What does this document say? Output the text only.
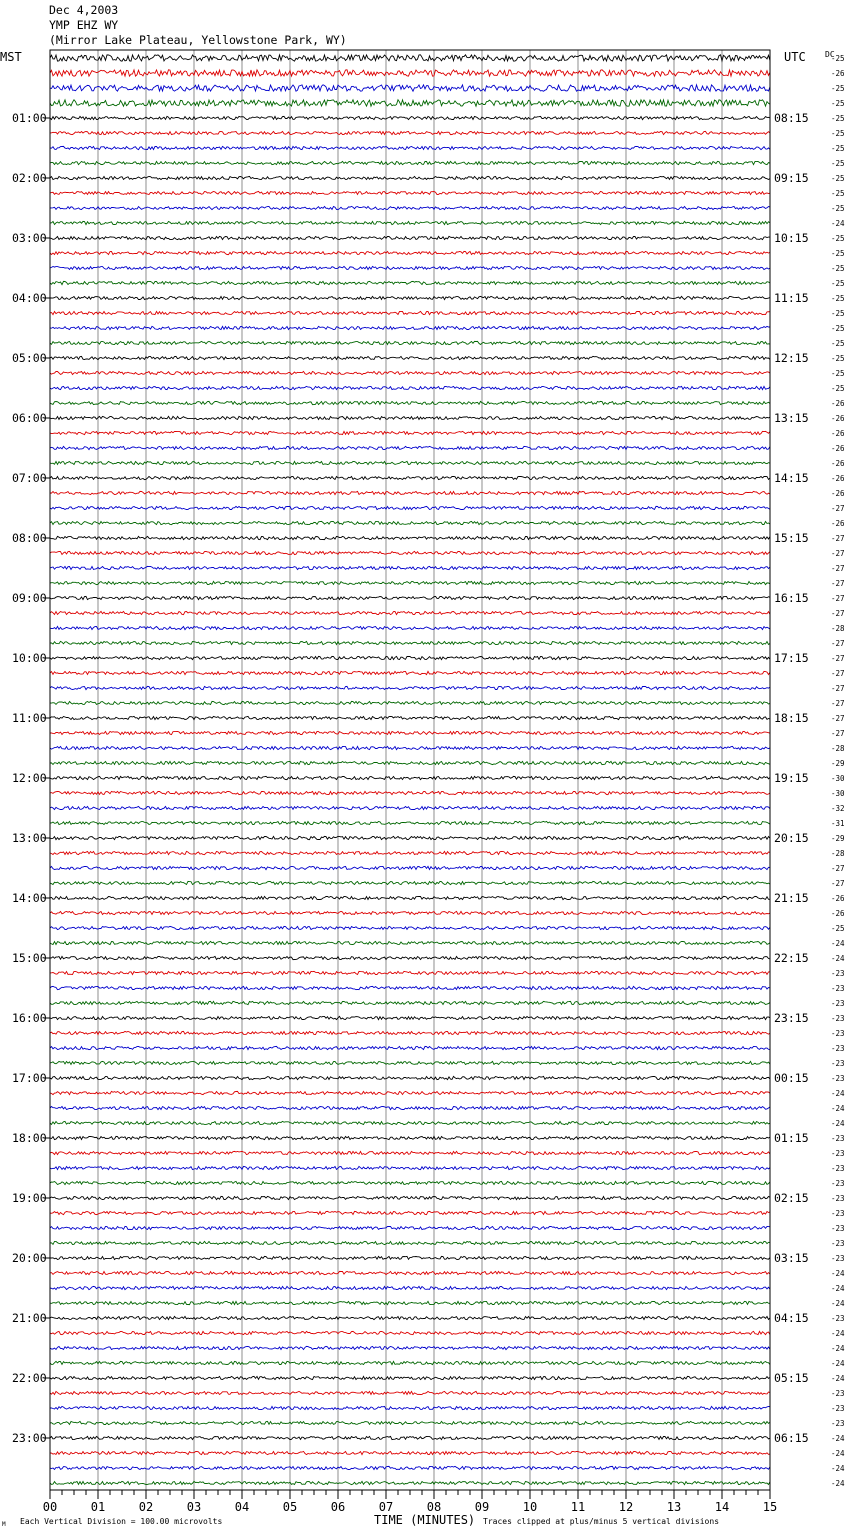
Dec 4,2003
YMP EHZ WY
(Mirror Lake Plateau, Yellowstone Park, WY)
00	01	02	03	04	05	06	07	08	09	10	11	12	13	14	15
01:00
02:00
03:00
04:00
05:00
06:00
07:00
08:00
09:00
10:00
11:00
12:00
13:00
14:00
15:00
16:00
17:00
18:00
19:00
20:00
21:00
22:00
23:00
08:15
09:15
10:15
11:15
12:15
13:15
14:15
15:15
16:15
17:15
18:15
19:15
20:15
21:15
22:15
23:15
00:15
01:15
02:15
03:15
04:15
05:15
06:15
-25
-26
-25
-25
-25
-25
-25
-25
-25
-25
-25
-24
-25
-25
-25
-25
-25
-25
-25
-25
-25
-25
-25
-26
-26
-26
-26
-26
-26
-26
-27
-26
-27
-27
-27
-27
-27
-27
-28
-27
-27
-27
-27
-27
-27
-27
-28
-29
-30
-30
-32
-31
-29
-28
-27
-27
-26
-26
-25
-24
-24
-23
-23
-23
-23
-23
-23
-23
-23
-24
-24
-24
-23
-23
-23
-23
-23
-23
-23
-23
-23
-24
-24
-24
-23
-24
-24
-24
-24
-23
-23
-23
-24
-24
-24
-24
MST	UTC DC
M Each Vertical Division = 100.00 microvolts	TIME (MINUTES) Traces clipped at plus/minus 5 vertical divisions
